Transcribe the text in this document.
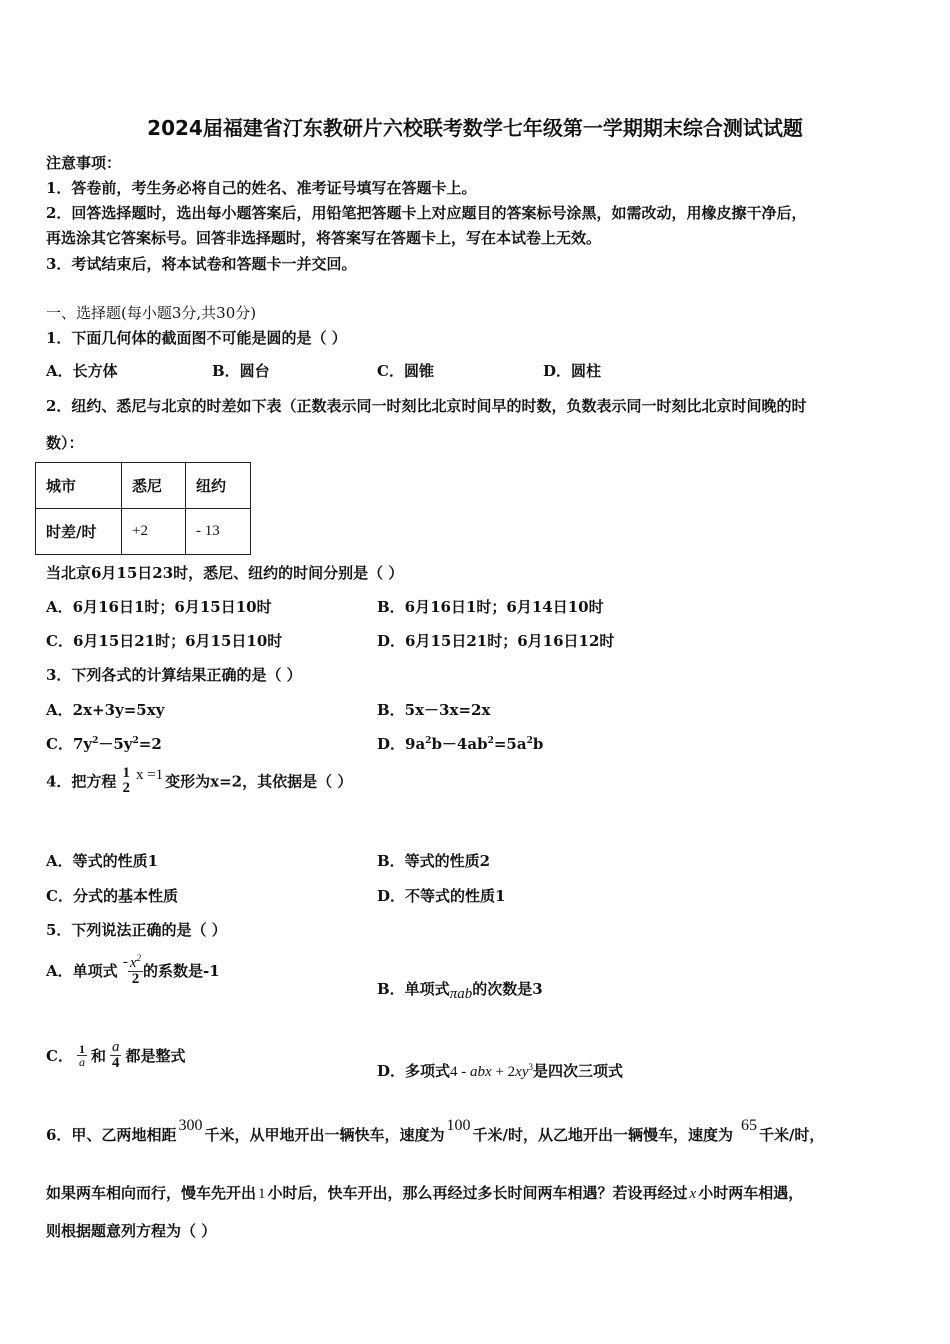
2024届福建省汀东教研片六校联考数学七年级第一学期期末综合测试试题
注意事项：
1．答卷前，考生务必将自己的姓名、准考证号填写在答题卡上。
2．回答选择题时，选出每小题答案后，用铅笔把答题卡上对应题目的答案标号涂黑，如需改动，用橡皮擦干净后，
再选涂其它答案标号。回答非选择题时，将答案写在答题卡上，写在本试卷上无效。
3．考试结束后，将本试卷和答题卡一并交回。
一、选择题(每小题3分,共30分)
1．下面几何体的截面图不可能是圆的是（ ）
A．长方体	B．圆台	C．圆锥	D．圆柱
2．纽约、悉尼与北京的时差如下表（正数表示同一时刻比北京时间早的时数，负数表示同一时刻比北京时间晚的时
数）：
城市	悉尼	纽约
时差/时	+2	- 13
当北京6月15日23时，悉尼、纽约的时间分别是（ ）
A．6月16日1时；6月15日10时	B．6月16日1时；6月14日10时
C．6月15日21时；6月15日10时	D．6月15日21时；6月16日12时
3．下列各式的计算结果正确的是（ ）
A．2x+3y=5xy	B．5x－3x=2x
C．$7y^2-5y^2=2$	D．$9a^2b-4ab^2=5a^2b$
4．把方程 1
2
x =1 变形为x=2，其依据是（ ）
A．等式的性质1	B．等式的性质2
C．分式的基本性质	D．不等式的性质1
5．下列说法正确的是（ ）
A．单项式 - $\frac{x^2}{2}$ 的系数是-1
B．单项式πab的次数是3
C． $\frac{1}{a}$ 和 $\frac{a}{4}$ 都是整式
D．多项式4 - abx + $2xy^3$是四次三项式
6．甲、乙两地相距300千米，从甲地开出一辆快车，速度为100千米/时，从乙地开出一辆慢车，速度为65千米/时，
如果两车相向而行，慢车先开出 1 小时后，快车开出，那么再经过多长时间两车相遇？若设再经过 x 小时两车相遇，
则根据题意列方程为（ ）
